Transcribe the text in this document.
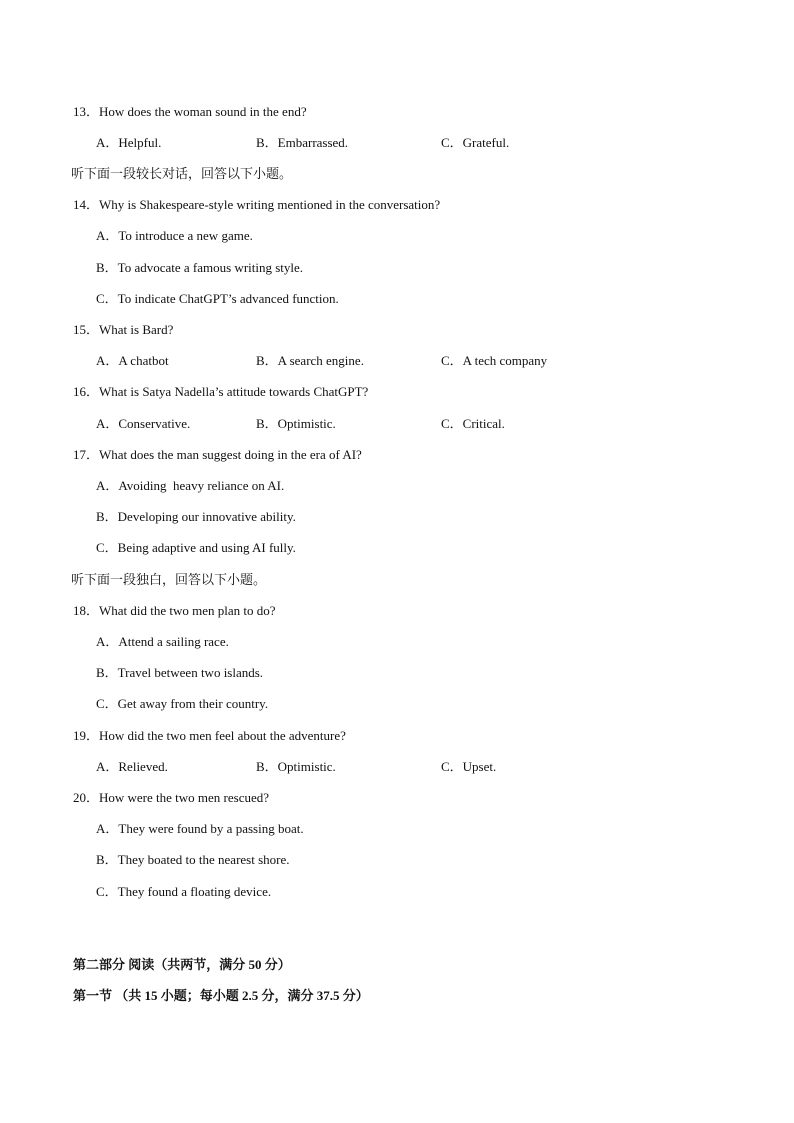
13．How does the woman sound in the end?
A．Helpful.	B．Embarrassed.	C．Grateful.
听下面一段较长对话，回答以下小题。
14．Why is Shakespeare-style writing mentioned in the conversation?
A．To introduce a new game.
B．To advocate a famous writing style.
C．To indicate ChatGPT’s advanced function.
15．What is Bard?
A．A chatbot	B．A search engine.	C．A tech company
16．What is Satya Nadella’s attitude towards ChatGPT?
A．Conservative.	B．Optimistic.	C．Critical.
17．What does the man suggest doing in the era of AI?
A．Avoiding  heavy reliance on AI.
B．Developing our innovative ability.
C．Being adaptive and using AI fully.
听下面一段独白，回答以下小题。
18．What did the two men plan to do?
A．Attend a sailing race.
B．Travel between two islands.
C．Get away from their country.
19．How did the two men feel about the adventure?
A．Relieved.	B．Optimistic.	C．Upset.
20．How were the two men rescued?
A．They were found by a passing boat.
B．They boated to the nearest shore.
C．They found a floating device.
第二部分 阅读（共两节，满分 50 分）
第一节 （共 15 小题；每小题 2.5 分，满分 37.5 分）
